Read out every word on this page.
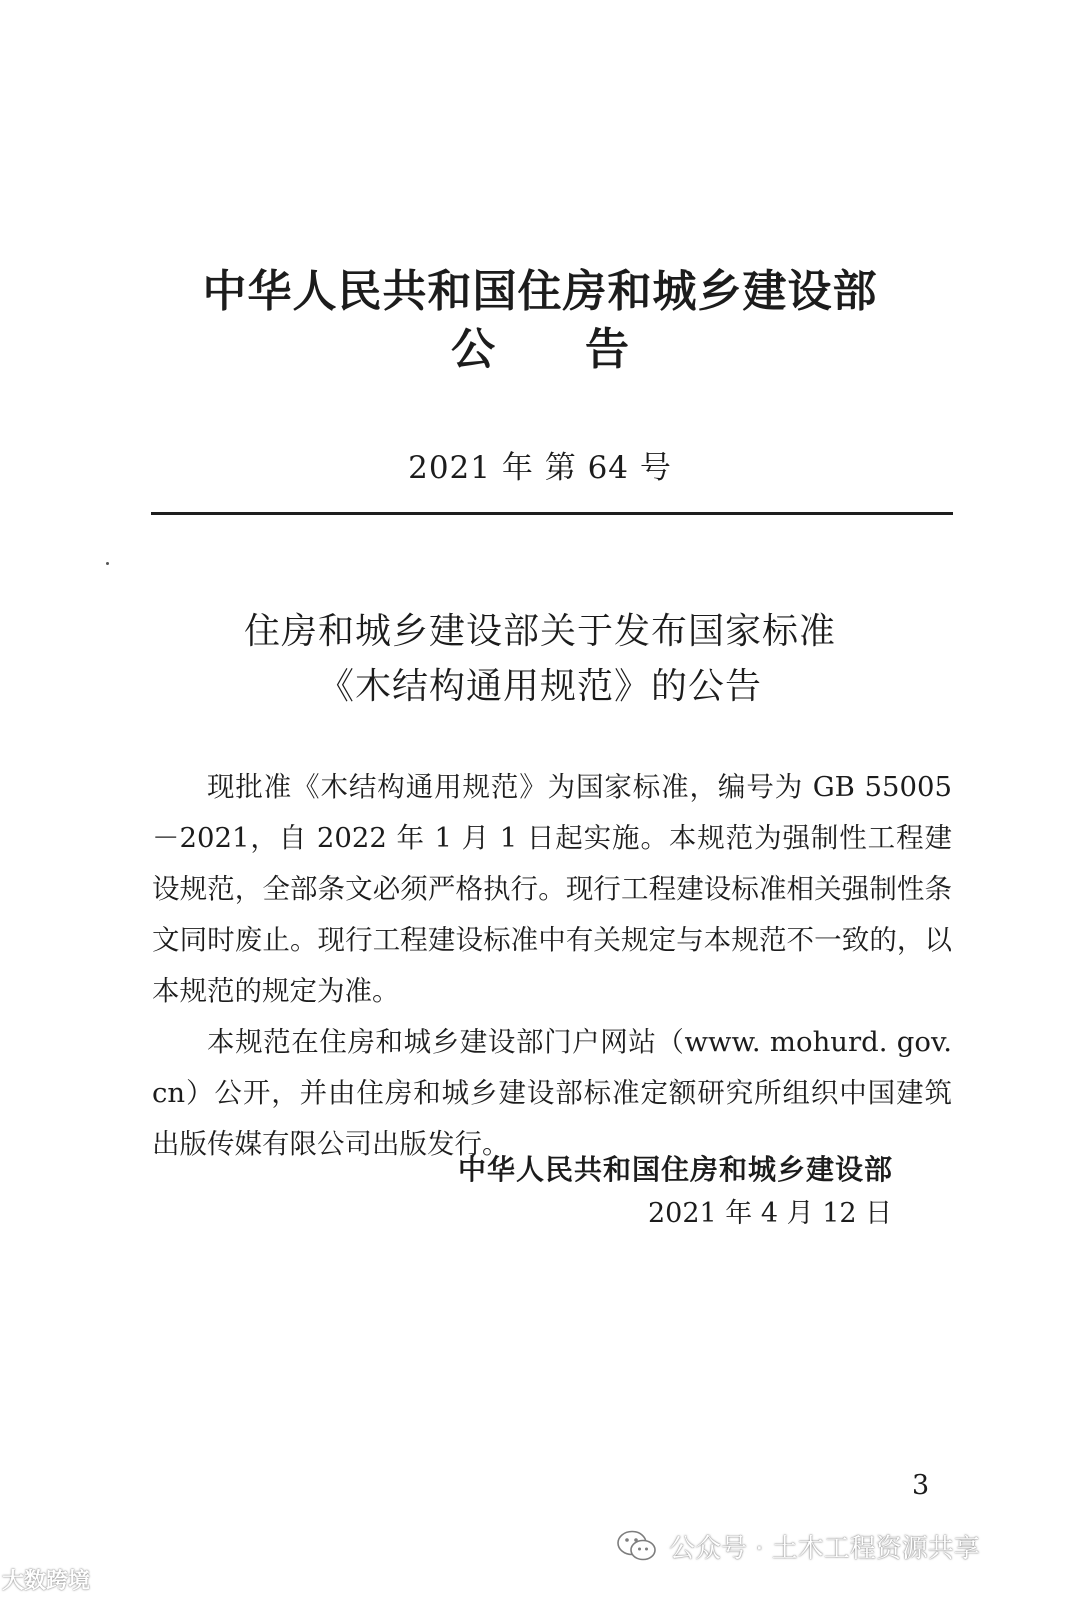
中华人民共和国住房和城乡建设部
公告
2021 年 第 64 号
住房和城乡建设部关于发布国家标准
《木结构通用规范》的公告

现批准《木结构通用规范》为国家标准，编号为 GB 55005－2021，自 2022 年 1 月 1 日起实施。本规范为强制性工程建设规范，全部条文必须严格执行。现行工程建设标准相关强制性条文同时废止。现行工程建设标准中有关规定与本规范不一致的，以本规范的规定为准。

本规范在住房和城乡建设部门户网站（www. mohurd. gov. cn）公开，并由住房和城乡建设部标准定额研究所组织中国建筑出版传媒有限公司出版发行。

中华人民共和国住房和城乡建设部
2021 年 4 月 12 日
3
公众号 · 土木工程资源共享
大数跨境
